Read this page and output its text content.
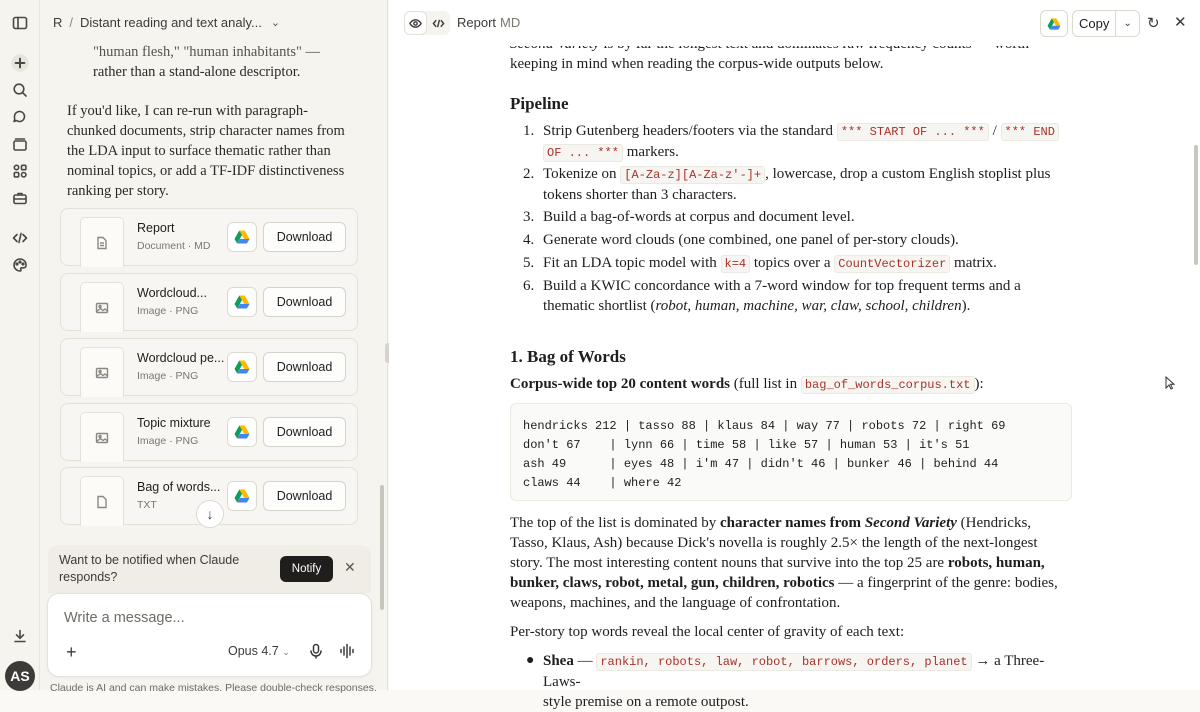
AS
R / Distant reading and text analy... ⌄
"human flesh," "human inhabitants" —
rather than a stand-alone descriptor.
If you'd like, I can re-run with paragraph-chunked documents, strip character names from the LDA input to surface thematic rather than nominal topics, or add a TF-IDF distinctiveness ranking per story.
Report
Document · MD
Download
Wordcloud...
Image · PNG
Download
Wordcloud pe...
Image · PNG
Download
Topic mixture
Image · PNG
Download
Bag of words...
TXT
Download
↓
Want to be notified when Claude responds?
Notify	✕
Write a message...
+	Opus 4.7 ⌄
Claude is AI and can make mistakes. Please double-check responses.
keeping in mind when reading the corpus-wide outputs below.
Pipeline
1. Strip Gutenberg headers/footers via the standard *** START OF ... *** / *** END
OF ... *** markers.
2. Tokenize on [A-Za-z][A-Za-z'-]+ , lowercase, drop a custom English stoplist plus
tokens shorter than 3 characters.
3. Build a bag-of-words at corpus and document level.
4. Generate word clouds (one combined, one panel of per-story clouds).
5. Fit an LDA topic model with k=4 topics over a CountVectorizer matrix.
6. Build a KWIC concordance with a 7-word window for top frequent terms and a
thematic shortlist (robot, human, machine, war, claw, school, children).
1. Bag of Words
Corpus-wide top 20 content words (full list in bag_of_words_corpus.txt ):
hendricks 212 | tasso 88 | klaus 84 | way 77 | robots 72 | right 69
don't 67    | lynn 66 | time 58 | like 57 | human 53 | it's 51
ash 49      | eyes 48 | i'm 47 | didn't 46 | bunker 46 | behind 44
claws 44    | where 42
The top of the list is dominated by character names from Second Variety (Hendricks,
Tasso, Klaus, Ash) because Dick's novella is roughly 2.5× the length of the next-longest
story. The most interesting content nouns that survive into the top 25 are robots, human,
bunker, claws, robot, metal, gun, children, robotics — a fingerprint of the genre: bodies,
weapons, machines, and the language of confrontation.
Per-story top words reveal the local center of gravity of each text:
● Shea — rankin, robots, law, robot, barrows, orders, planet → a Three-Laws-
style premise on a remote outpost.
Report MD	Copy	⌄	↻ ✕
